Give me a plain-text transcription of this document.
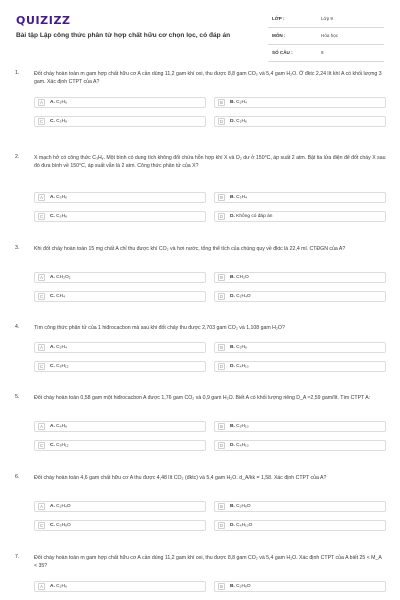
QUIZIZZ
Bài tập Lập công thức phân tử hợp chất hữu cơ chọn lọc, có đáp án
LỚP :	Lớp 9
MÔN :	Hóa học
SỐ CÂU :	8
1.	Đốt cháy hoàn toàn m gam hợp chất hữu cơ A cần dùng 11,2 gam khí oxi, thu được 8,8 gam CO₂ và 5,4 gam H₂O. Ở đktc 2,24 lít khí A có khối lượng 3 gam. Xác định CTPT của A?
A	A. C₂H₆	B	B. C₂H₄
C	C. C₃H₈	D	D. C₂H₆
2.	X mạch hở có công thức C₃Hᵧ. Một bình có dung tích không đổi chứa hỗn hợp khí X và O₂ dư ở 150°C, áp suất 2 atm. Bật tia lửa điện để đốt cháy X sau đó đưa bình về 150°C, áp suất vẫn là 2 atm. Công thức phân tử của X?
A	A. C₃H₆	B	B. C₃H₄
C	C. C₃H₈	D	D. Không có đáp án
3.	Khi đốt cháy hoàn toàn 15 mg chất A chỉ thu được khí CO₂ và hơi nước, tổng thể tích của chúng quy về đktc là 22,4 ml. CTĐGN của A?
A	A. CH₂O₂	B	B. CH₂O
C	C. CH₄	D	D. C₂H₄O
4.	Tìm công thức phân tử của 1 hiđrocacbon mà sau khi đốt cháy thu được 2,703 gam CO₂ và 1,108 gam H₂O?
A	A. C₂H₄	B	B. C₂H₆
C	C. C₅H₁₂	D	D. C₄H₁₀
5.	Đốt cháy hoàn toàn 0,58 gam một hiđrocacbon A được 1,76 gam CO₂ và 0,9 gam H₂O. Biết A có khối lượng riêng D_A ≈2,59 gam/lít. Tìm CTPT A:
A	A. C₄H₈	B	B. C₅H₁₀
C	C. C₅H₁₂	D	D. C₄H₁₀
6.	Đốt cháy hoàn toàn 4,6 gam chất hữu cơ A thu được 4,48 lít CO₂ (đktc) và 5,4 gam H₂O. d_A/kk = 1,58. Xác định CTPT của A?
A	A. C₂H₄O	B	B. C₂H₆O
C	C. C₃H₈O	D	D. C₄H₁₀O
7.	Đốt cháy hoàn toàn m gam hợp chất hữu cơ A cần dùng 11,2 gam khí oxi, thu được 8,8 gam CO₂ và 5,4 gam H₂O. Xác định CTPT của A biết 25 < M_A < 35?
A	A. C₂H₆	B	B. C₂H₆O
